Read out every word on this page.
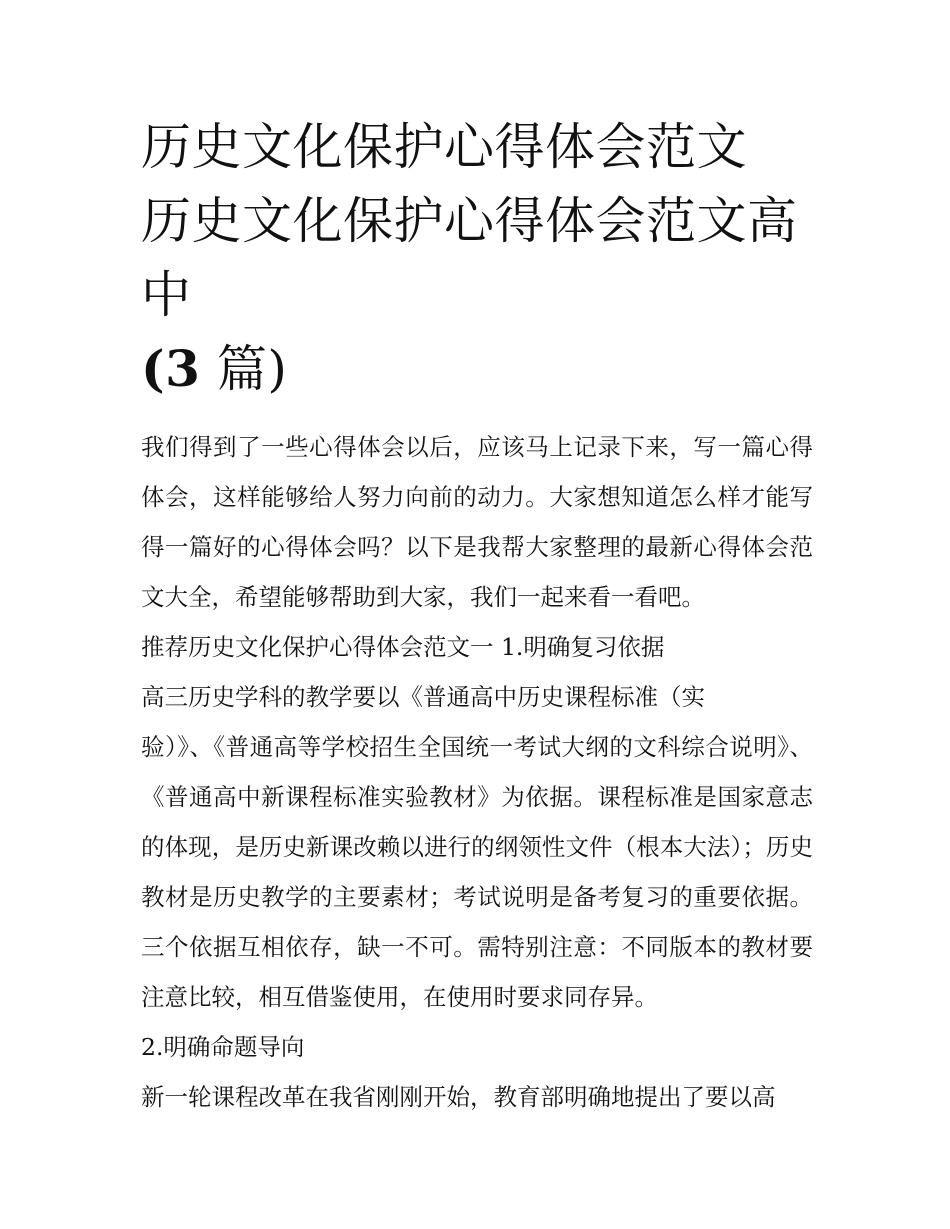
历史文化保护心得体会范文 历史文化保护心得体会范文高中
(3 篇)

我们得到了一些心得体会以后，应该马上记录下来，写一篇心得体会，这样能够给人努力向前的动力。大家想知道怎么样才能写得一篇好的心得体会吗？以下是我帮大家整理的最新心得体会范文大全，希望能够帮助到大家，我们一起来看一看吧。

推荐历史文化保护心得体会范文一 1.明确复习依据

高三历史学科的教学要以《普通高中历史课程标准（实

验）》、《普通高等学校招生全国统一考试大纲的文科综合说明》、《普通高中新课程标准实验教材》为依据。课程标准是国家意志的体现，是历史新课改赖以进行的纲领性文件（根本大法）；历史教材是历史教学的主要素材；考试说明是备考复习的重要依据。三个依据互相依存，缺一不可。需特别注意：不同版本的教材要注意比较，相互借鉴使用，在使用时要求同存异。

2.明确命题导向

新一轮课程改革在我省刚刚开始，教育部明确地提出了要以高
